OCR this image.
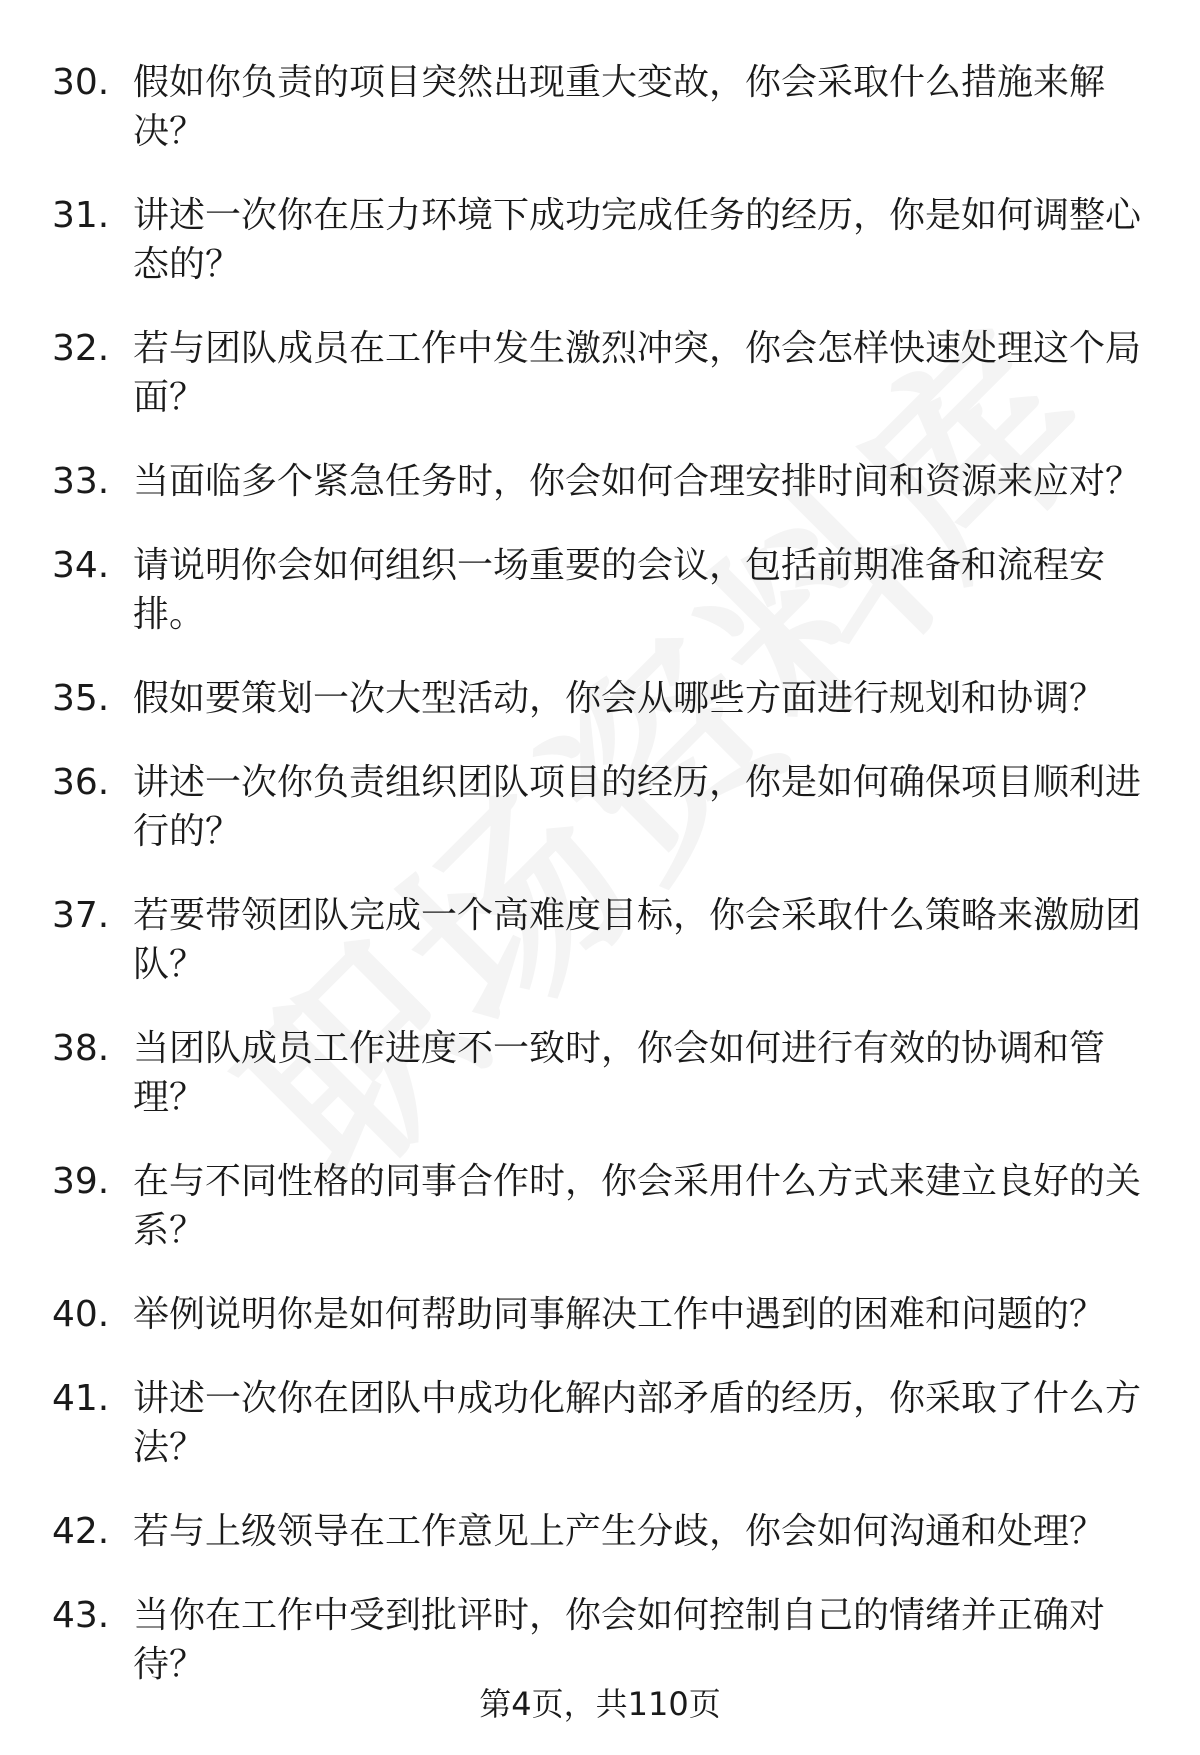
30. 假如你负责的项目突然出现重大变故，你会采取什么措施来解决？
31. 讲述一次你在压力环境下成功完成任务的经历，你是如何调整心态的？
32. 若与团队成员在工作中发生激烈冲突，你会怎样快速处理这个局面？
33. 当面临多个紧急任务时，你会如何合理安排时间和资源来应对？
34. 请说明你会如何组织一场重要的会议，包括前期准备和流程安排。
35. 假如要策划一次大型活动，你会从哪些方面进行规划和协调？
36. 讲述一次你负责组织团队项目的经历，你是如何确保项目顺利进行的？
37. 若要带领团队完成一个高难度目标，你会采取什么策略来激励团队？
38. 当团队成员工作进度不一致时，你会如何进行有效的协调和管理？
39. 在与不同性格的同事合作时，你会采用什么方式来建立良好的关系？
40. 举例说明你是如何帮助同事解决工作中遇到的困难和问题的？
41. 讲述一次你在团队中成功化解内部矛盾的经历，你采取了什么方法？
42. 若与上级领导在工作意见上产生分歧，你会如何沟通和处理？
43. 当你在工作中受到批评时，你会如何控制自己的情绪并正确对待？
第4页，共110页
